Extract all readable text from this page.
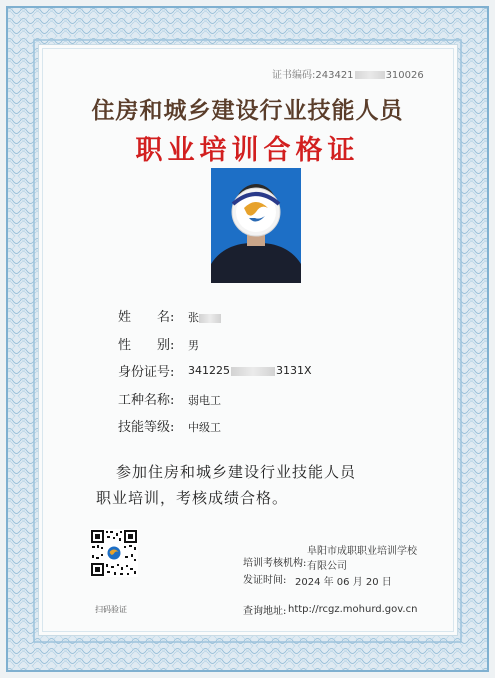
证书编码:243421	310026
住房和城乡建设行业技能人员
职业培训合格证
姓　　名: 张
性　　别: 男
身份证号: 341225	3131X
工种名称: 弱电工
技能等级: 中级工
参加住房和城乡建设行业技能人员
职业培训，考核成绩合格。
扫码验证
培训考核机构:
阜阳市成职职业培训学校
有限公司
发证时间: 2024 年 06 月 20 日
查询地址: http://rcgz.mohurd.gov.cn
